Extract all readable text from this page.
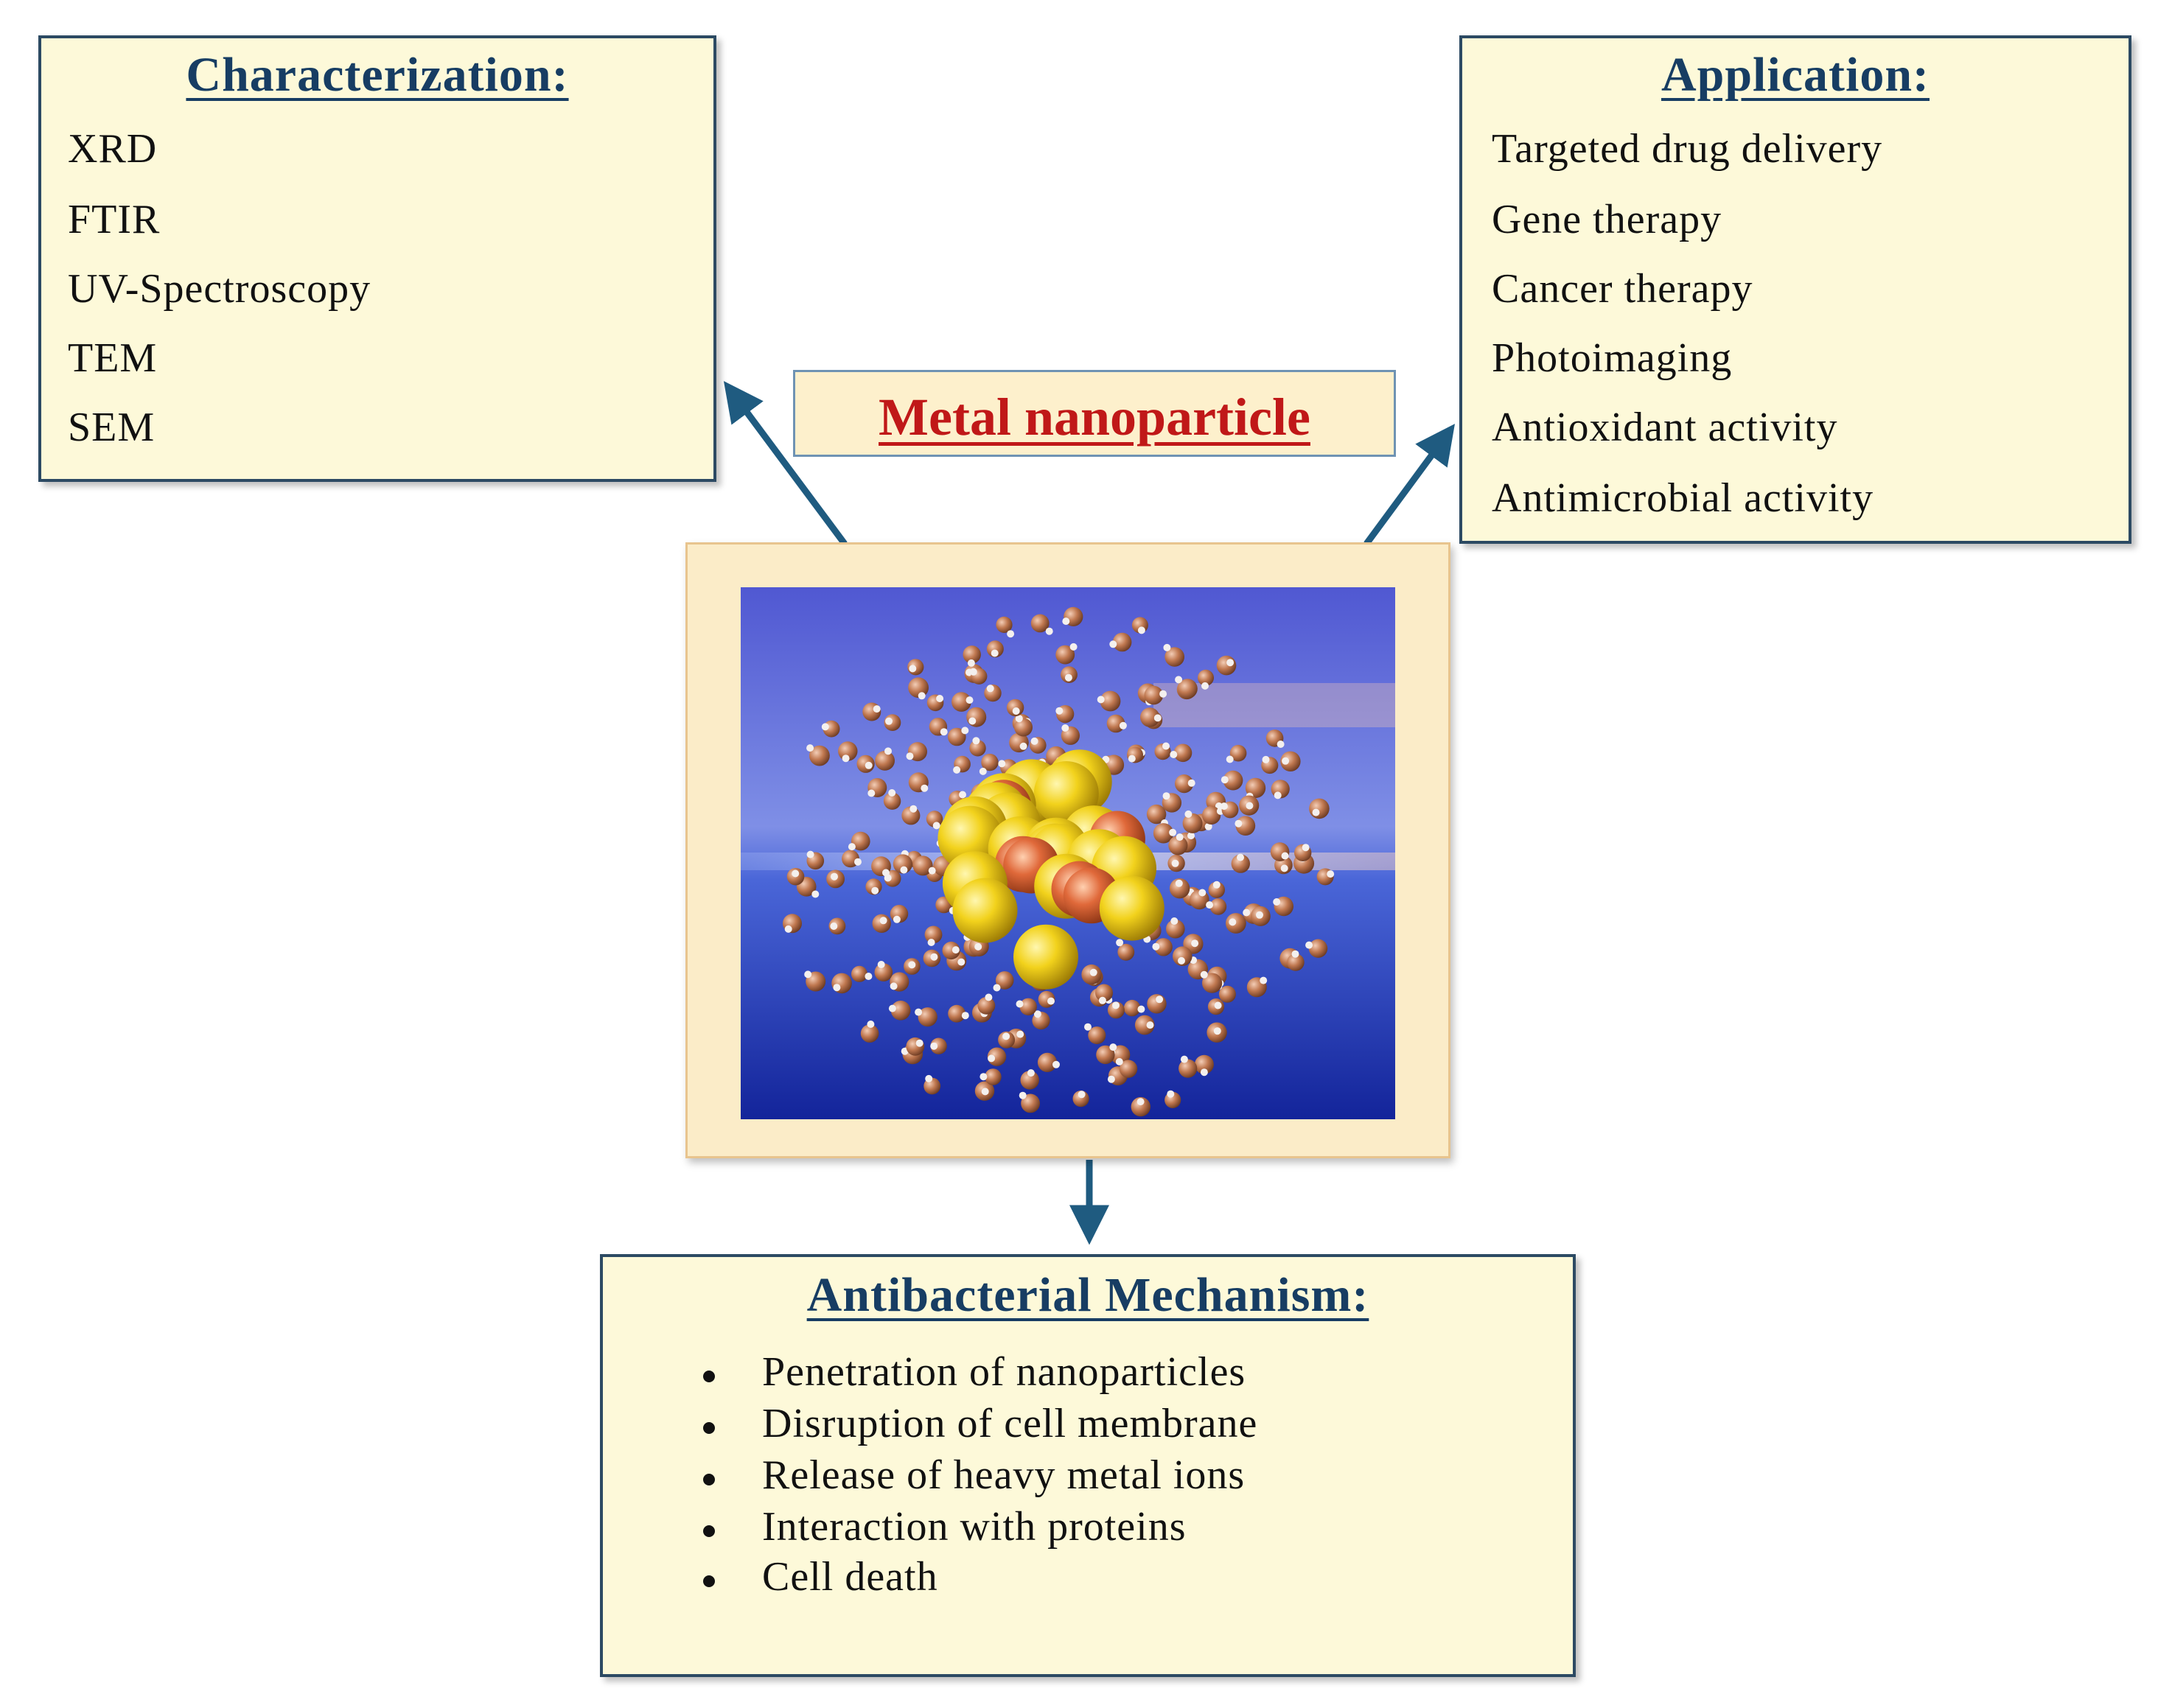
Characterization:
XRD
FTIR
UV-Spectroscopy
TEM
SEM
Application:
Targeted drug delivery
Gene therapy
Cancer therapy
Photoimaging
Antioxidant activity
Antimicrobial activity
Metal nanoparticle
Antibacterial Mechanism:
Penetration of nanoparticles
Disruption of cell membrane
Release of heavy metal ions
Interaction with proteins
Cell death
